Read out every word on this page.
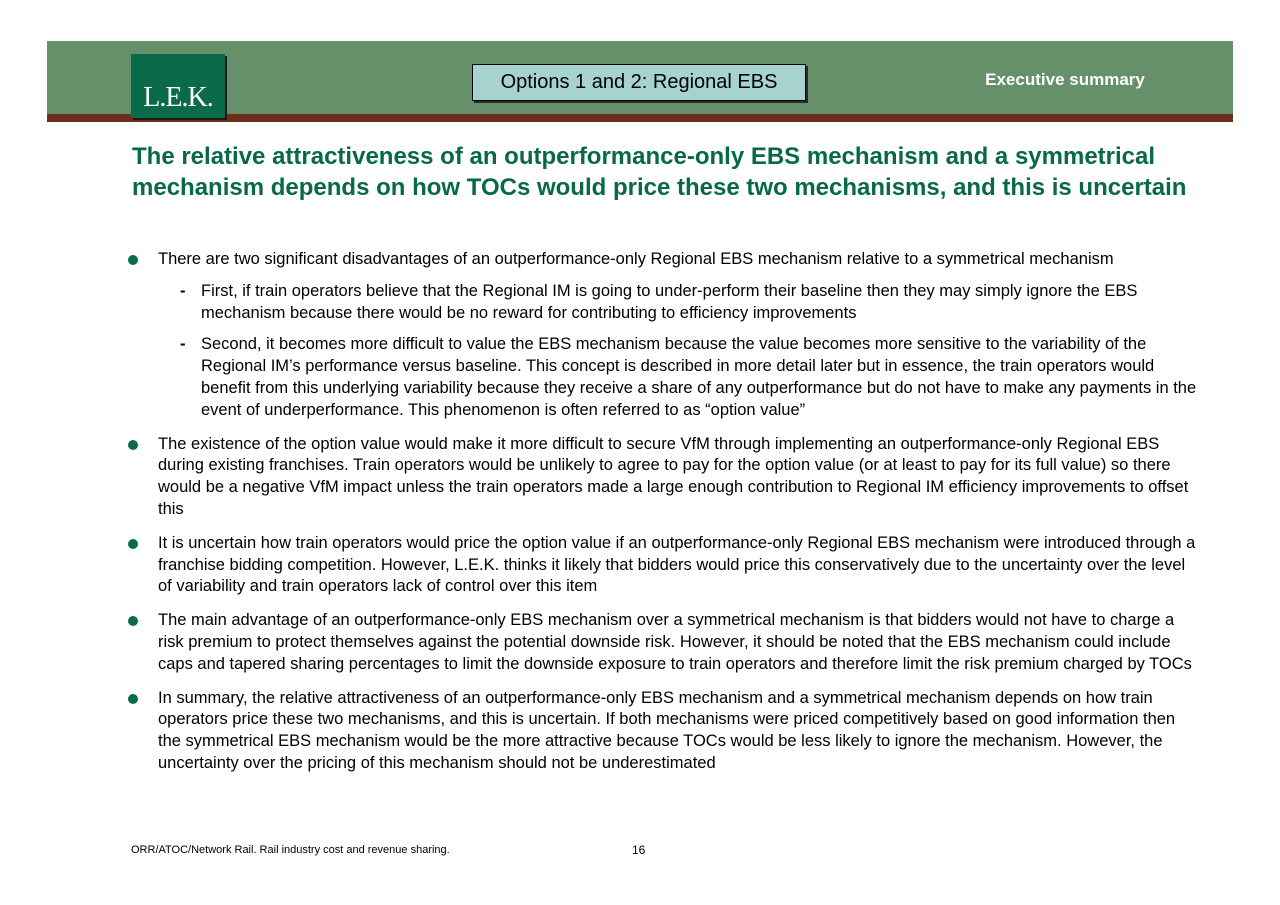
L.E.K.	Options 1 and 2: Regional EBS	Executive summary
The relative attractiveness of an outperformance-only EBS mechanism and a symmetrical mechanism depends on how TOCs would price these two mechanisms, and this is uncertain
There are two significant disadvantages of an outperformance-only Regional EBS mechanism relative to a symmetrical mechanism
- First, if train operators believe that the Regional IM is going to under-perform their baseline then they may simply ignore the EBS mechanism because there would be no reward for contributing to efficiency improvements
- Second, it becomes more difficult to value the EBS mechanism because the value becomes more sensitive to the variability of the Regional IM’s performance versus baseline. This concept is described in more detail later but in essence, the train operators would benefit from this underlying variability because they receive a share of any outperformance but do not have to make any payments in the event of underperformance. This phenomenon is often referred to as “option value”
The existence of the option value would make it more difficult to secure VfM through implementing an outperformance-only Regional EBS during existing franchises. Train operators would be unlikely to agree to pay for the option value (or at least to pay for its full value) so there would be a negative VfM impact unless the train operators made a large enough contribution to Regional IM efficiency improvements to offset this
It is uncertain how train operators would price the option value if an outperformance-only Regional EBS mechanism were introduced through a franchise bidding competition. However, L.E.K. thinks it likely that bidders would price this conservatively due to the uncertainty over the level of variability and train operators lack of control over this item
The main advantage of an outperformance-only EBS mechanism over a symmetrical mechanism is that bidders would not have to charge a risk premium to protect themselves against the potential downside risk. However, it should be noted that the EBS mechanism could include caps and tapered sharing percentages to limit the downside exposure to train operators and therefore limit the risk premium charged by TOCs
In summary, the relative attractiveness of an outperformance-only EBS mechanism and a symmetrical mechanism depends on how train operators price these two mechanisms, and this is uncertain. If both mechanisms were priced competitively based on good information then the symmetrical EBS mechanism would be the more attractive because TOCs would be less likely to ignore the mechanism. However, the uncertainty over the pricing of this mechanism should not be underestimated
ORR/ATOC/Network Rail. Rail industry cost and revenue sharing.	16
